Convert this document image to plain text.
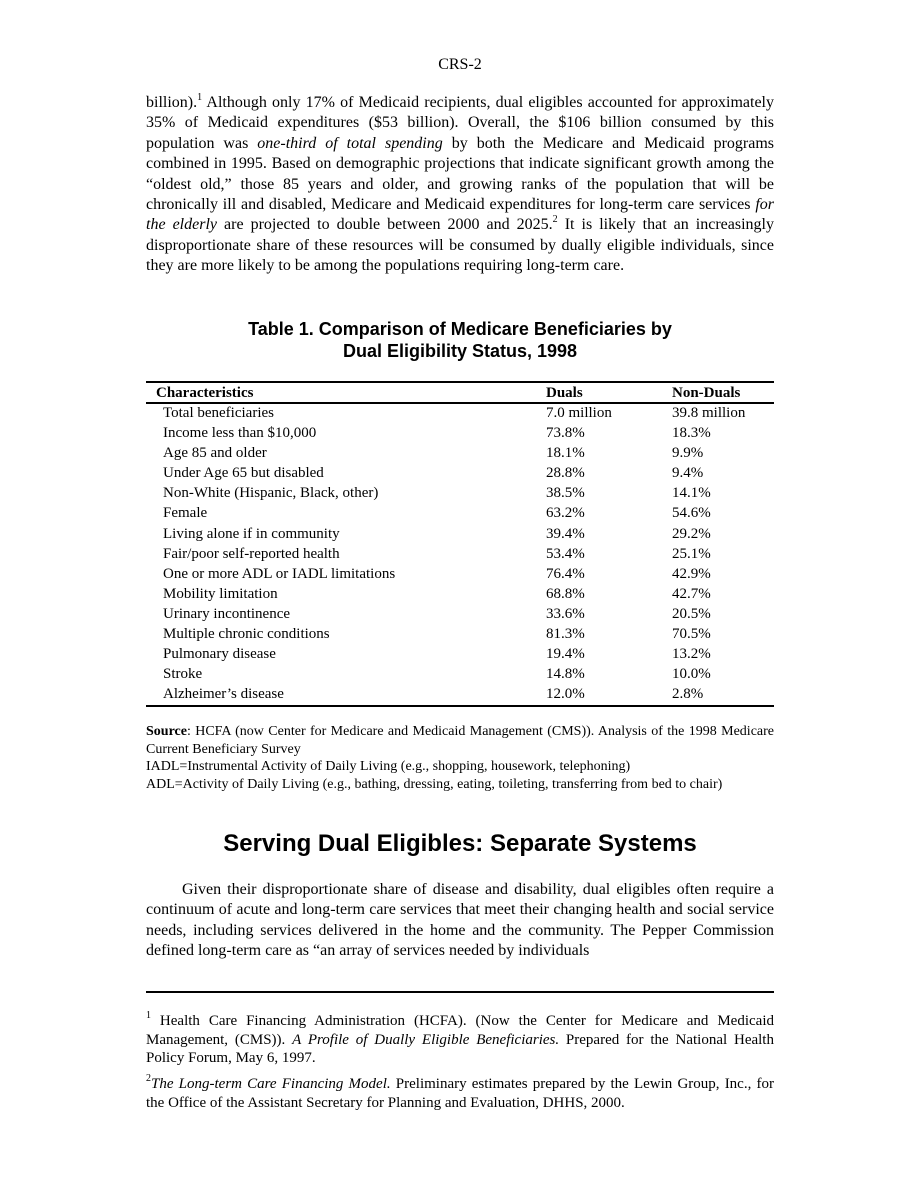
CRS-2

billion).$^1$ Although only 17% of Medicaid recipients, dual eligibles accounted for approximately 35% of Medicaid expenditures ($53 billion). Overall, the $106 billion consumed by this population was one-third of total spending by both the Medicare and Medicaid programs combined in 1995. Based on demographic projections that indicate significant growth among the “oldest old,” those 85 years and older, and growing ranks of the population that will be chronically ill and disabled, Medicare and Medicaid expenditures for long-term care services for the elderly are projected to double between 2000 and 2025.$^2$ It is likely that an increasingly disproportionate share of these resources will be consumed by dually eligible individuals, since they are more likely to be among the populations requiring long-term care.

Table 1. Comparison of Medicare Beneficiaries by
Dual Eligibility Status, 1998
Characteristics	Duals	Non-Duals
Total beneficiaries	7.0 million	39.8 million
Income less than $10,000	73.8%	18.3%
Age 85 and older	18.1%	9.9%
Under Age 65 but disabled	28.8%	9.4%
Non-White (Hispanic, Black, other)	38.5%	14.1%
Female	63.2%	54.6%
Living alone if in community	39.4%	29.2%
Fair/poor self-reported health	53.4%	25.1%
One or more ADL or IADL limitations	76.4%	42.9%
Mobility limitation	68.8%	42.7%
Urinary incontinence	33.6%	20.5%
Multiple chronic conditions	81.3%	70.5%
Pulmonary disease	19.4%	13.2%
Stroke	14.8%	10.0%
Alzheimer’s disease	12.0%	2.8%

Source: HCFA (now Center for Medicare and Medicaid Management (CMS)). Analysis of the 1998 Medicare Current Beneficiary Survey

IADL=Instrumental Activity of Daily Living (e.g., shopping, housework, telephoning)

ADL=Activity of Daily Living (e.g., bathing, dressing, eating, toileting, transferring from bed to chair)

Serving Dual Eligibles: Separate Systems

Given their disproportionate share of disease and disability, dual eligibles often require a continuum of acute and long-term care services that meet their changing health and social service needs, including services delivered in the home and the community. The Pepper Commission defined long-term care as “an array of services needed by individuals

$^1$ Health Care Financing Administration (HCFA). (Now the Center for Medicare and Medicaid Management, (CMS)). A Profile of Dually Eligible Beneficiaries. Prepared for the National Health Policy Forum, May 6, 1997.

$^2$The Long-term Care Financing Model. Preliminary estimates prepared by the Lewin Group, Inc., for the Office of the Assistant Secretary for Planning and Evaluation, DHHS, 2000.
